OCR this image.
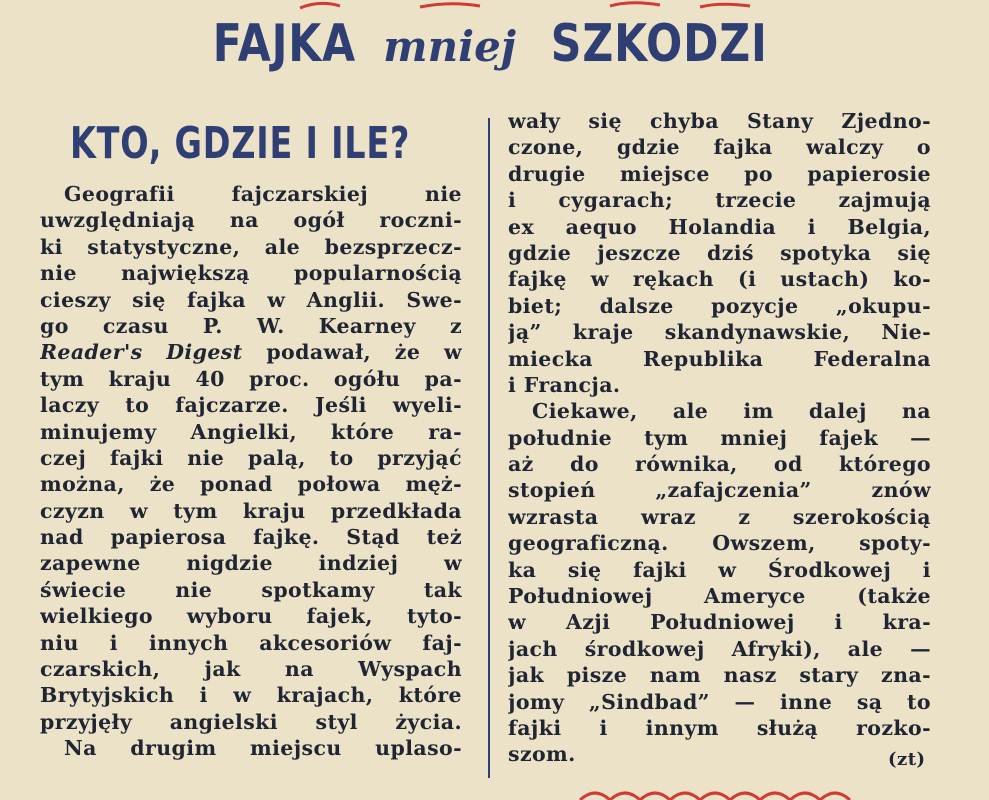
FAJKA mniej SZKODZI
KTO, GDZIE I ILE?
Geografii fajczarskiej nie
uwzględniają na ogół roczni-
ki statystyczne, ale bezsprzecz-
nie największą popularnością
cieszy się fajka w Anglii. Swe-
go czasu P. W. Kearney z
Reader's Digest podawał, że w
tym kraju 40 proc. ogółu pa-
laczy to fajczarze. Jeśli wyeli-
minujemy Angielki, które ra-
czej fajki nie palą, to przyjąć
można, że ponad połowa męż-
czyzn w tym kraju przedkłada
nad papierosa fajkę. Stąd też
zapewne nigdzie indziej w
świecie nie spotkamy tak
wielkiego wyboru fajek, tyto-
niu i innych akcesoriów faj-
czarskich, jak na Wyspach
Brytyjskich i w krajach, które
przyjęły angielski styl życia.
Na drugim miejscu uplaso-
wały się chyba Stany Zjedno-
czone, gdzie fajka walczy o
drugie miejsce po papierosie
i cygarach; trzecie zajmują
ex aequo Holandia i Belgia,
gdzie jeszcze dziś spotyka się
fajkę w rękach (i ustach) ko-
biet; dalsze pozycje „okupu-
ją” kraje skandynawskie, Nie-
miecka Republika Federalna
i Francja.
Ciekawe, ale im dalej na
południe tym mniej fajek —
aż do równika, od którego
stopień „zafajczenia” znów
wzrasta wraz z szerokością
geograficzną. Owszem, spoty-
ka się fajki w Środkowej i
Południowej Ameryce (także
w Azji Południowej i kra-
jach środkowej Afryki), ale —
jak pisze nam nasz stary zna-
jomy „Sindbad” — inne są to
fajki i innym służą rozko-
szom.	(zt)
